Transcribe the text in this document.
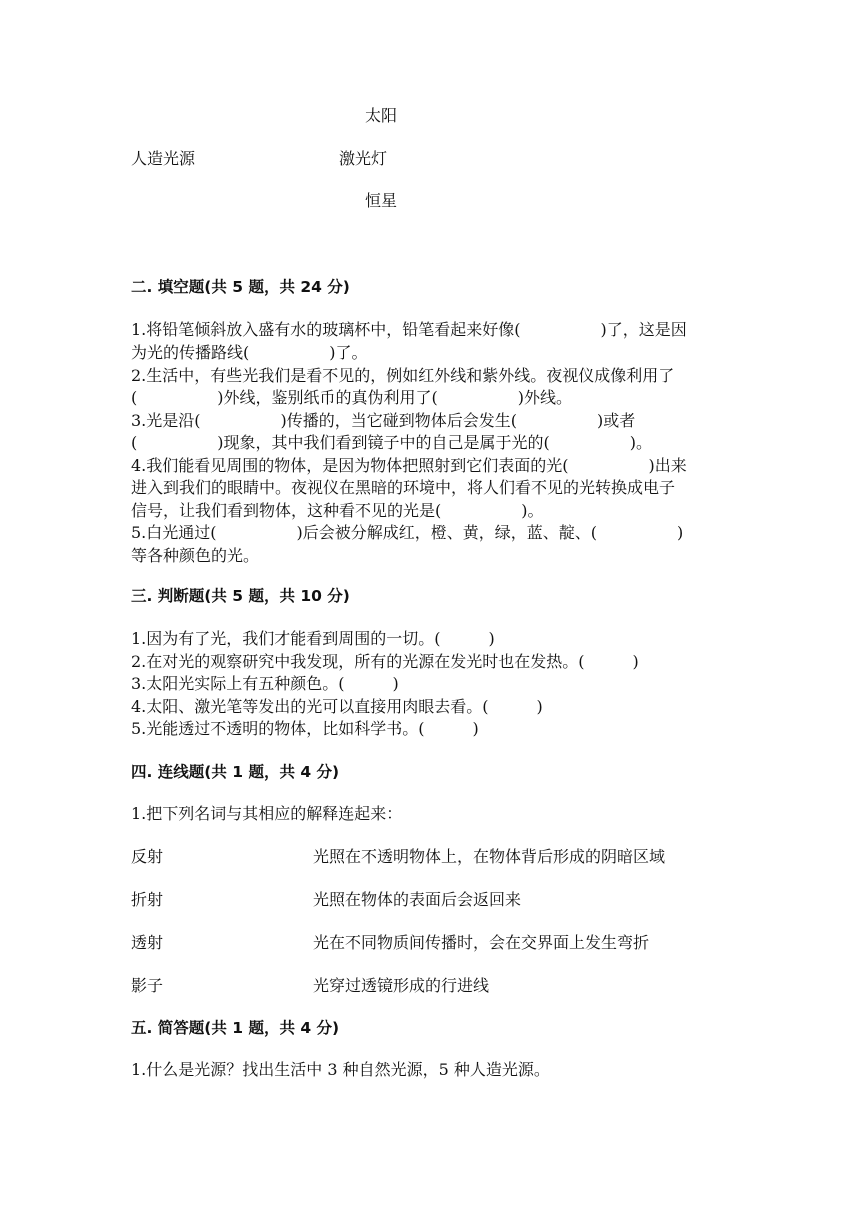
太阳
人造光源	激光灯
恒星
二. 填空题(共 5 题，共 24 分)
1.将铅笔倾斜放入盛有水的玻璃杯中，铅笔看起来好像(　　　　　)了，这是因
为光的传播路线(　　　　　)了。
2.生活中，有些光我们是看不见的，例如红外线和紫外线。夜视仪成像利用了
(　　　　　)外线，鉴别纸币的真伪利用了(　　　　　)外线。
3.光是沿(　　　　　)传播的，当它碰到物体后会发生(　　　　　)或者
(　　　　　)现象，其中我们看到镜子中的自己是属于光的(　　　　　)。
4.我们能看见周围的物体，是因为物体把照射到它们表面的光(　　　　　)出来
进入到我们的眼睛中。夜视仪在黑暗的环境中，将人们看不见的光转换成电子
信号，让我们看到物体，这种看不见的光是(　　　　　)。
5.白光通过(　　　　　)后会被分解成红，橙、黄，绿，蓝、靛、(　　　　　)
等各种颜色的光。
三. 判断题(共 5 题，共 10 分)
1.因为有了光，我们才能看到周围的一切。(　　　)
2.在对光的观察研究中我发现，所有的光源在发光时也在发热。(　　　)
3.太阳光实际上有五种颜色。(　　　)
4.太阳、激光笔等发出的光可以直接用肉眼去看。(　　　)
5.光能透过不透明的物体，比如科学书。(　　　)
四. 连线题(共 1 题，共 4 分)
1.把下列名词与其相应的解释连起来：
反射	光照在不透明物体上，在物体背后形成的阴暗区域
折射	光照在物体的表面后会返回来
透射	光在不同物质间传播时，会在交界面上发生弯折
影子	光穿过透镜形成的行进线
五. 简答题(共 1 题，共 4 分)
1.什么是光源？找出生活中 3 种自然光源，5 种人造光源。
